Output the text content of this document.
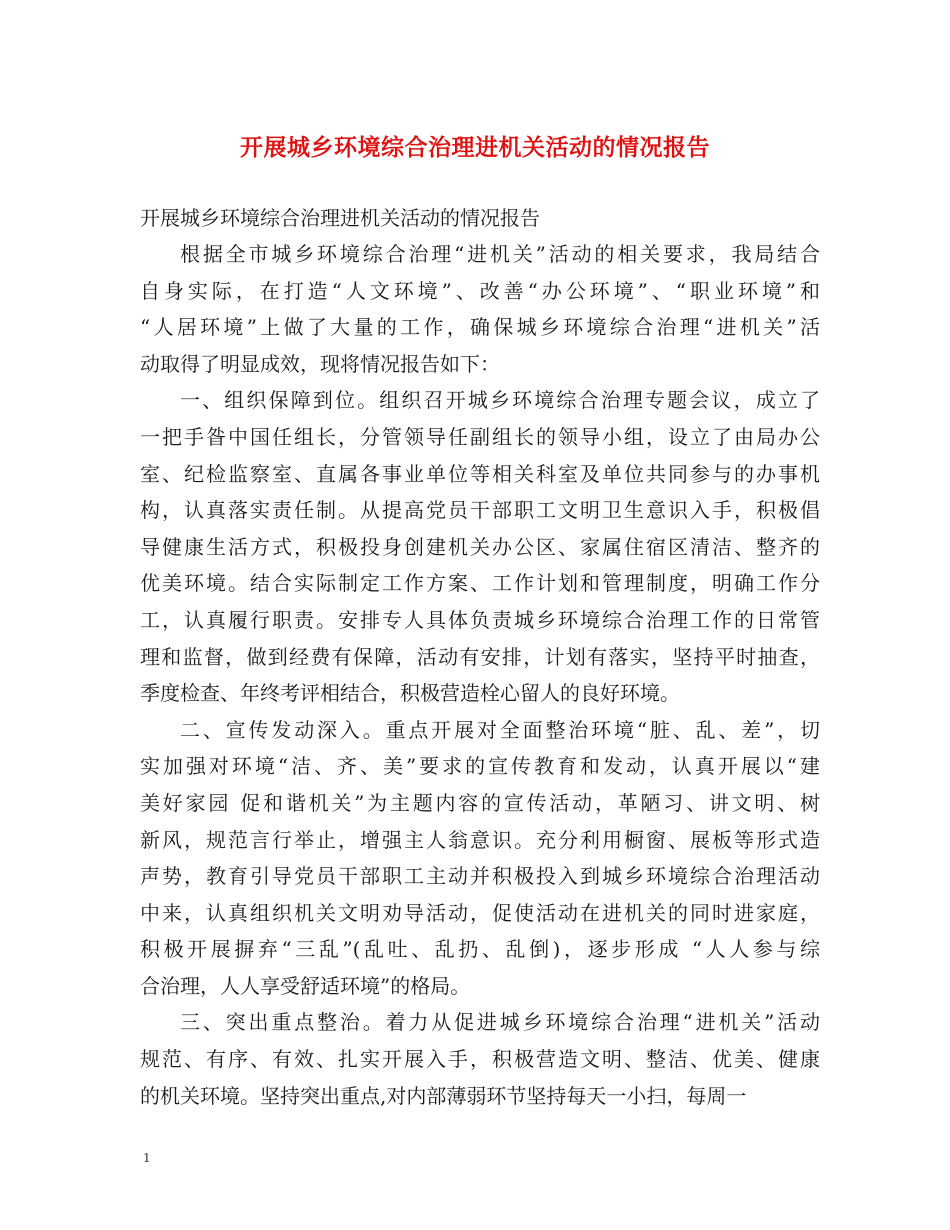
开展城乡环境综合治理进机关活动的情况报告
开展城乡环境综合治理进机关活动的情况报告
根据全市城乡环境综合治理“进机关”活动的相关要求，我局结合
自身实际，在打造“人文环境”、改善“办公环境”、“职业环境”和
“人居环境”上做了大量的工作，确保城乡环境综合治理“进机关”活
动取得了明显成效，现将情况报告如下：
一、组织保障到位。组织召开城乡环境综合治理专题会议，成立了
一把手昝中国任组长，分管领导任副组长的领导小组，设立了由局办公
室、纪检监察室、直属各事业单位等相关科室及单位共同参与的办事机
构，认真落实责任制。从提高党员干部职工文明卫生意识入手，积极倡
导健康生活方式，积极投身创建机关办公区、家属住宿区清洁、整齐的
优美环境。结合实际制定工作方案、工作计划和管理制度，明确工作分
工，认真履行职责。安排专人具体负责城乡环境综合治理工作的日常管
理和监督，做到经费有保障，活动有安排，计划有落实，坚持平时抽查，
季度检查、年终考评相结合，积极营造栓心留人的良好环境。
二、宣传发动深入。重点开展对全面整治环境“脏、乱、差”，切
实加强对环境“洁、齐、美”要求的宣传教育和发动，认真开展以“建
美好家园 促和谐机关”为主题内容的宣传活动，革陋习、讲文明、树
新风，规范言行举止，增强主人翁意识。充分利用橱窗、展板等形式造
声势，教育引导党员干部职工主动并积极投入到城乡环境综合治理活动
中来，认真组织机关文明劝导活动，促使活动在进机关的同时进家庭，
积极开展摒弃“三乱”(乱吐、乱扔、乱倒)，逐步形成 “人人参与综
合治理，人人享受舒适环境”的格局。
三、突出重点整治。着力从促进城乡环境综合治理“进机关”活动
规范、有序、有效、扎实开展入手，积极营造文明、整洁、优美、健康
的机关环境。坚持突出重点,对内部薄弱环节坚持每天一小扫，每周一
1
